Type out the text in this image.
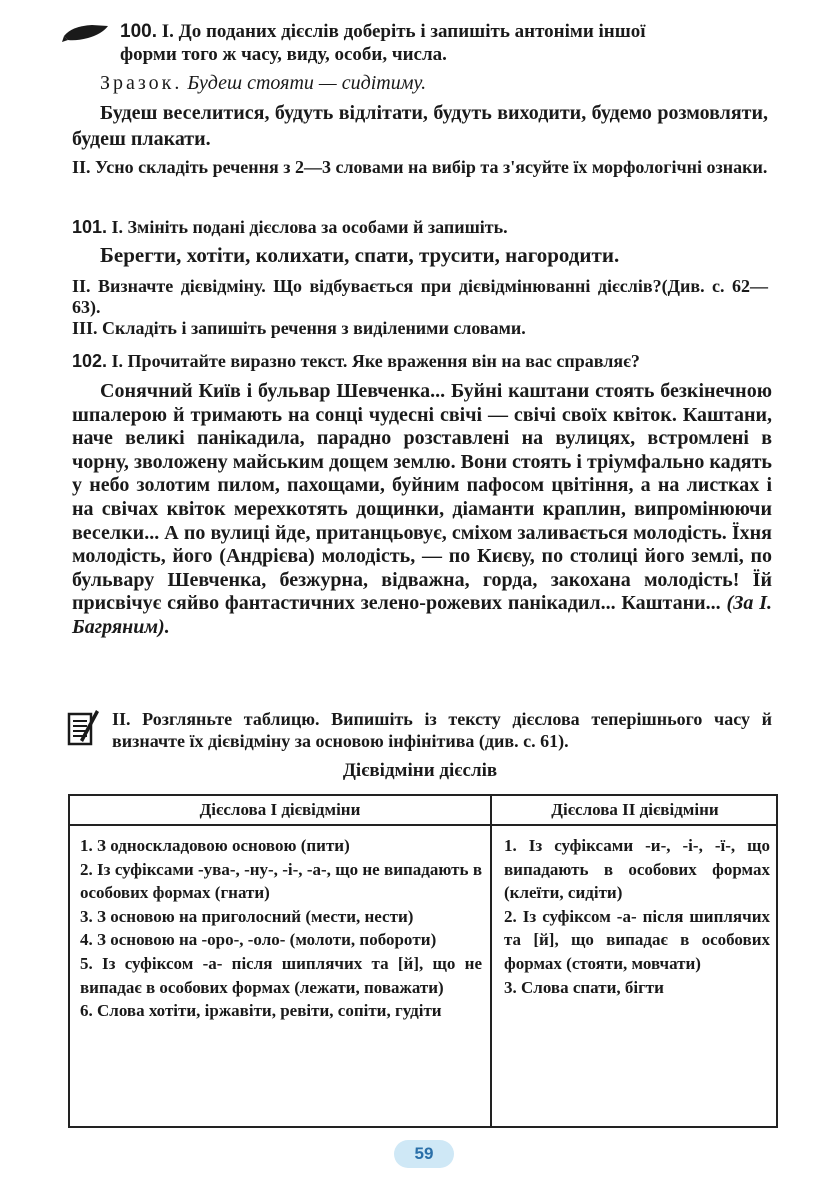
100. І. До поданих дієслів доберіть і запишіть антоніми іншої
форми того ж часу, виду, особи, числа.

Зразок. Будеш стояти — сидітиму.

Будеш веселитися, будуть відлітати, будуть виходити, будемо розмовляти, будеш плакати.

ІІ. Усно складіть речення з 2—3 словами на вибір та з'ясуйте їх морфологічні ознаки.

101. І. Змініть подані дієслова за особами й запишіть.

Берегти, хотіти, колихати, спати, трусити, нагородити.

ІІ. Визначте дієвідміну. Що відбувається при дієвідмінюванні дієслів?(Див. с. 62—63).

ІІІ. Складіть і запишіть речення з виділеними словами.

102. І. Прочитайте виразно текст. Яке враження він на вас справляє?

Сонячний Київ і бульвар Шевченка... Буйні каштани стоять безкінечною шпалерою й тримають на сонці чудесні свічі — свічі своїх квіток. Каштани, наче великі панікадила, парадно розставлені на вулицях, встромлені в чорну, зволожену майським дощем землю. Вони стоять і тріумфально кадять у небо золотим пилом, пахощами, буйним пафосом цвітіння, а на листках і на свічах квіток мерехкотять дощинки, діаманти краплин, випромінюючи веселки... А по вулиці йде, пританцьовує, сміхом заливається молодість. Їхня молодість, його (Андрієва) молодість, — по Києву, по столиці його землі, по бульвару Шевченка, безжурна, відважна, горда, закохана молодість! Їй присвічує сяйво фантастичних зелено-рожевих панікадил... Каштани... (За І. Багряним).

ІІ. Розгляньте таблицю. Випишіть із тексту дієслова теперішнього часу й визначте їх дієвідміну за основою інфінітива (див. с. 61).

Дієвідміни дієслів
Дієслова І дієвідміни	Дієслова ІІ дієвідміни

1. З односкладовою основою (пити)

2. Із суфіксами -ува-, -ну-, -і-, -а-, що не випадають в особових формах (гнати)

3. З основою на приголосний (мести, нести)

4. З основою на -оро-, -оло- (молоти, поборoти)

5. Із суфіксом -а- після шиплячих та [й], що не випадає в особових формах (лежати, поважати)

6. Слова хотіти, іржавіти, ревіти, сопіти, гудіти

1. Із суфіксами -и-, -і-, -ї-, що випадають в особових формах (клеїти, сидіти)

2. Із суфіксом -а- після шиплячих та [й], що випадає в особових формах (стояти, мовчати)

3. Слова спати, бігти

59
